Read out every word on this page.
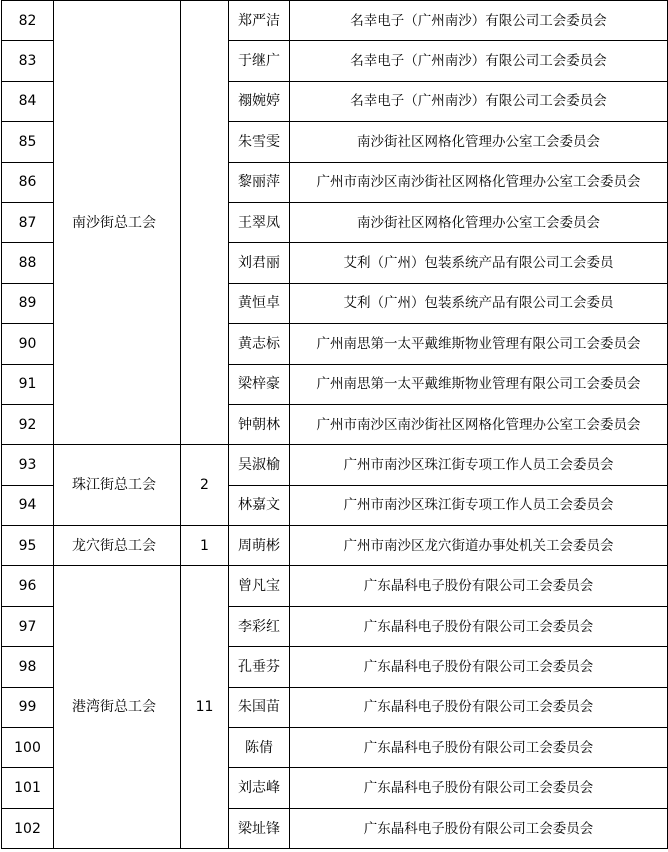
82	南沙街总工会		郑严洁	名幸电子（广州南沙）有限公司工会委员会
83			于继广	名幸电子（广州南沙）有限公司工会委员会
84			禤婉婷	名幸电子（广州南沙）有限公司工会委员会
85			朱雪雯	南沙街社区网格化管理办公室工会委员会
86			黎丽萍	广州市南沙区南沙街社区网格化管理办公室工会委员会
87			王翠凤	南沙街社区网格化管理办公室工会委员会
88			刘君丽	艾利（广州）包装系统产品有限公司工会委员
89			黄恒卓	艾利（广州）包装系统产品有限公司工会委员
90			黄志标	广州南思第一太平戴维斯物业管理有限公司工会委员会
91			梁梓豪	广州南思第一太平戴维斯物业管理有限公司工会委员会
92			钟朝林	广州市南沙区南沙街社区网格化管理办公室工会委员会
93	珠江街总工会	2	吴淑榆	广州市南沙区珠江街专项工作人员工会委员会
94			林嘉文	广州市南沙区珠江街专项工作人员工会委员会
95	龙穴街总工会	1	周萌彬	广州市南沙区龙穴街道办事处机关工会委员会
96	港湾街总工会	11	曾凡宝	广东晶科电子股份有限公司工会委员会
97			李彩红	广东晶科电子股份有限公司工会委员会
98			孔垂芬	广东晶科电子股份有限公司工会委员会
99			朱国苗	广东晶科电子股份有限公司工会委员会
100			陈倩	广东晶科电子股份有限公司工会委员会
101			刘志峰	广东晶科电子股份有限公司工会委员会
102			梁址锋	广东晶科电子股份有限公司工会委员会
